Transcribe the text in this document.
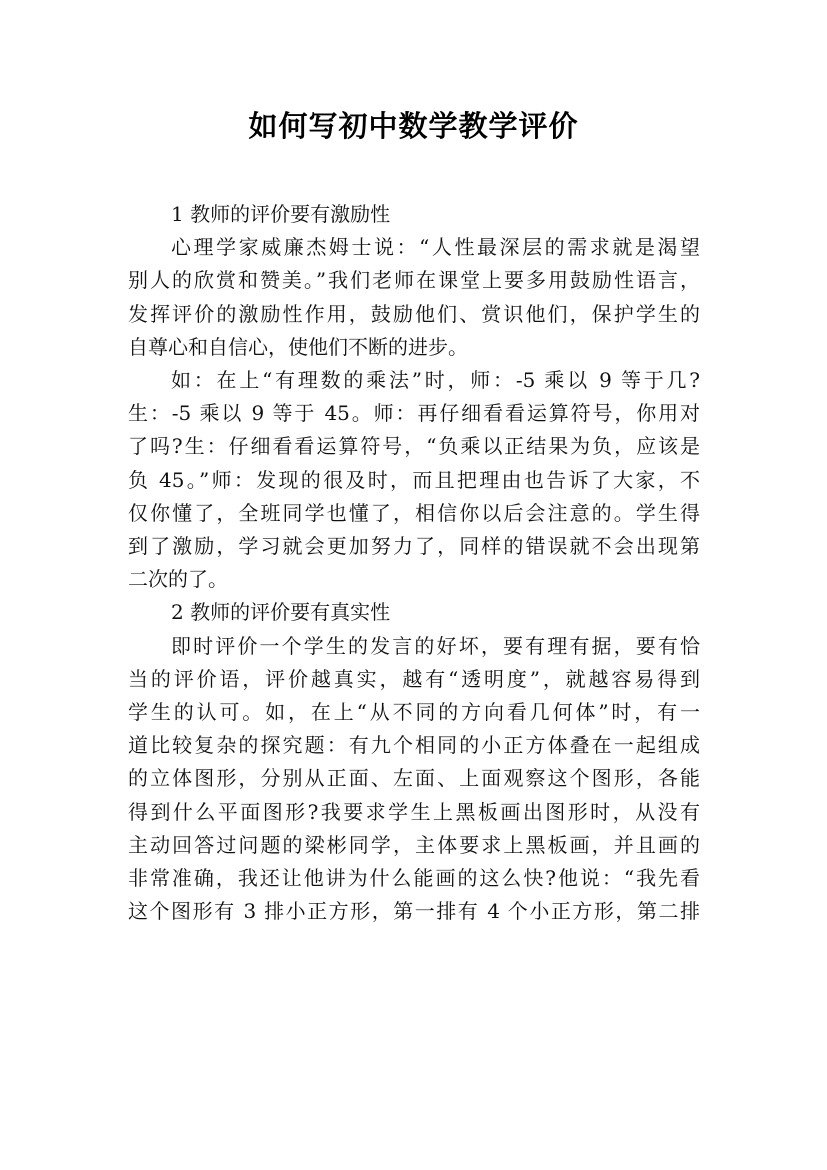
如何写初中数学教学评价
1 教师的评价要有激励性
心理学家威廉杰姆士说：“人性最深层的需求就是渴望
别人的欣赏和赞美。”我们老师在课堂上要多用鼓励性语言，
发挥评价的激励性作用，鼓励他们、赏识他们，保护学生的
自尊心和自信心，使他们不断的进步。
如：在上“有理数的乘法”时，师：-5 乘以 9 等于几?
生：-5 乘以 9 等于 45。师：再仔细看看运算符号，你用对
了吗?生：仔细看看运算符号，“负乘以正结果为负，应该是
负 45。”师：发现的很及时，而且把理由也告诉了大家，不
仅你懂了，全班同学也懂了，相信你以后会注意的。学生得
到了激励，学习就会更加努力了，同样的错误就不会出现第
二次的了。
2 教师的评价要有真实性
即时评价一个学生的发言的好坏，要有理有据，要有恰
当的评价语，评价越真实，越有“透明度”，就越容易得到
学生的认可。如，在上“从不同的方向看几何体”时，有一
道比较复杂的探究题：有九个相同的小正方体叠在一起组成
的立体图形，分别从正面、左面、上面观察这个图形，各能
得到什么平面图形?我要求学生上黑板画出图形时，从没有
主动回答过问题的梁彬同学，主体要求上黑板画，并且画的
非常准确，我还让他讲为什么能画的这么快?他说：“我先看
这个图形有 3 排小正方形，第一排有 4 个小正方形，第二排
